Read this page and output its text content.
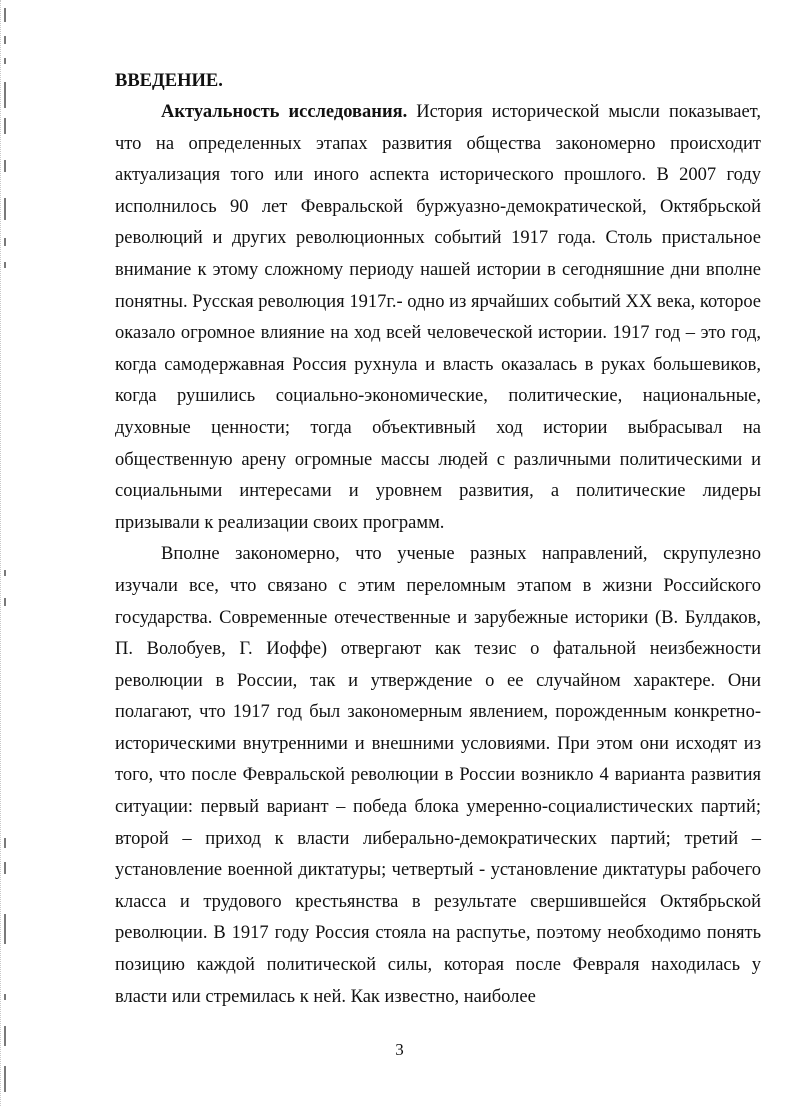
ВВЕДЕНИЕ.

Актуальность исследования. История исторической мысли показывает, что на определенных этапах развития общества закономерно происходит актуализация того или иного аспекта исторического прошлого. В 2007 году исполнилось 90 лет Февральской буржуазно-демократической, Октябрьской революций и других революционных событий 1917 года. Столь пристальное внимание к этому сложному периоду нашей истории в сегодняшние дни вполне понятны. Русская революция 1917г.- одно из ярчайших событий XX века, которое оказало огромное влияние на ход всей человеческой истории. 1917 год – это год, когда самодержавная Россия рухнула и власть оказалась в руках большевиков, когда рушились социально-экономические, политические, национальные, духовные ценности; тогда объективный ход истории выбрасывал на общественную арену огромные массы людей с различными политическими и социальными интересами и уровнем развития, а политические лидеры призывали к реализации своих программ.

Вполне закономерно, что ученые разных направлений, скрупулезно изучали все, что связано с этим переломным этапом в жизни Российского государства. Современные отечественные и зарубежные историки (В. Булдаков, П. Волобуев, Г. Иоффе) отвергают как тезис о фатальной неизбежности революции в России, так и утверждение о ее случайном характере. Они полагают, что 1917 год был закономерным явлением, порожденным конкретно-историческими внутренними и внешними условиями. При этом они исходят из того, что после Февральской революции в России возникло 4 варианта развития ситуации: первый вариант – победа блока умеренно-социалистических партий; второй – приход к власти либерально-демократических партий; третий – установление военной диктатуры; четвертый - установление диктатуры рабочего класса и трудового крестьянства в результате свершившейся Октябрьской революции. В 1917 году Россия стояла на распутье, поэтому необходимо понять позицию каждой политической силы, которая после Февраля находилась у власти или стремилась к ней. Как известно, наиболее

3
